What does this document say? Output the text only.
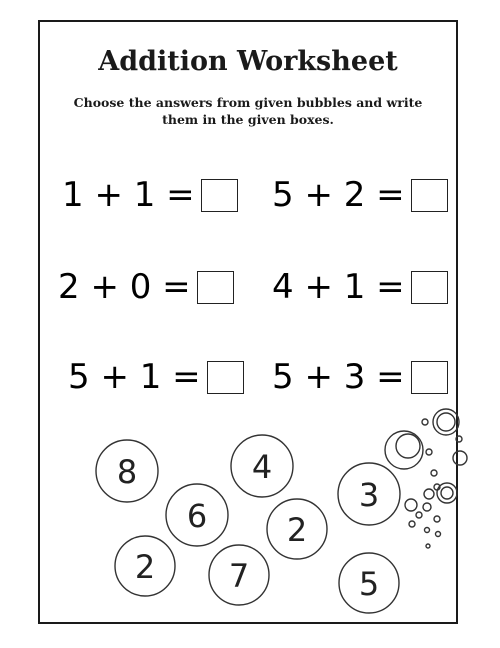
Addition Worksheet
Choose the answers from given bubbles and write them in the given boxes.
1 + 1 = 5 + 2 =
2 + 0 = 4 + 1 =
5 + 1 = 5 + 3 =
8	4
6
3
2
2 7	5
